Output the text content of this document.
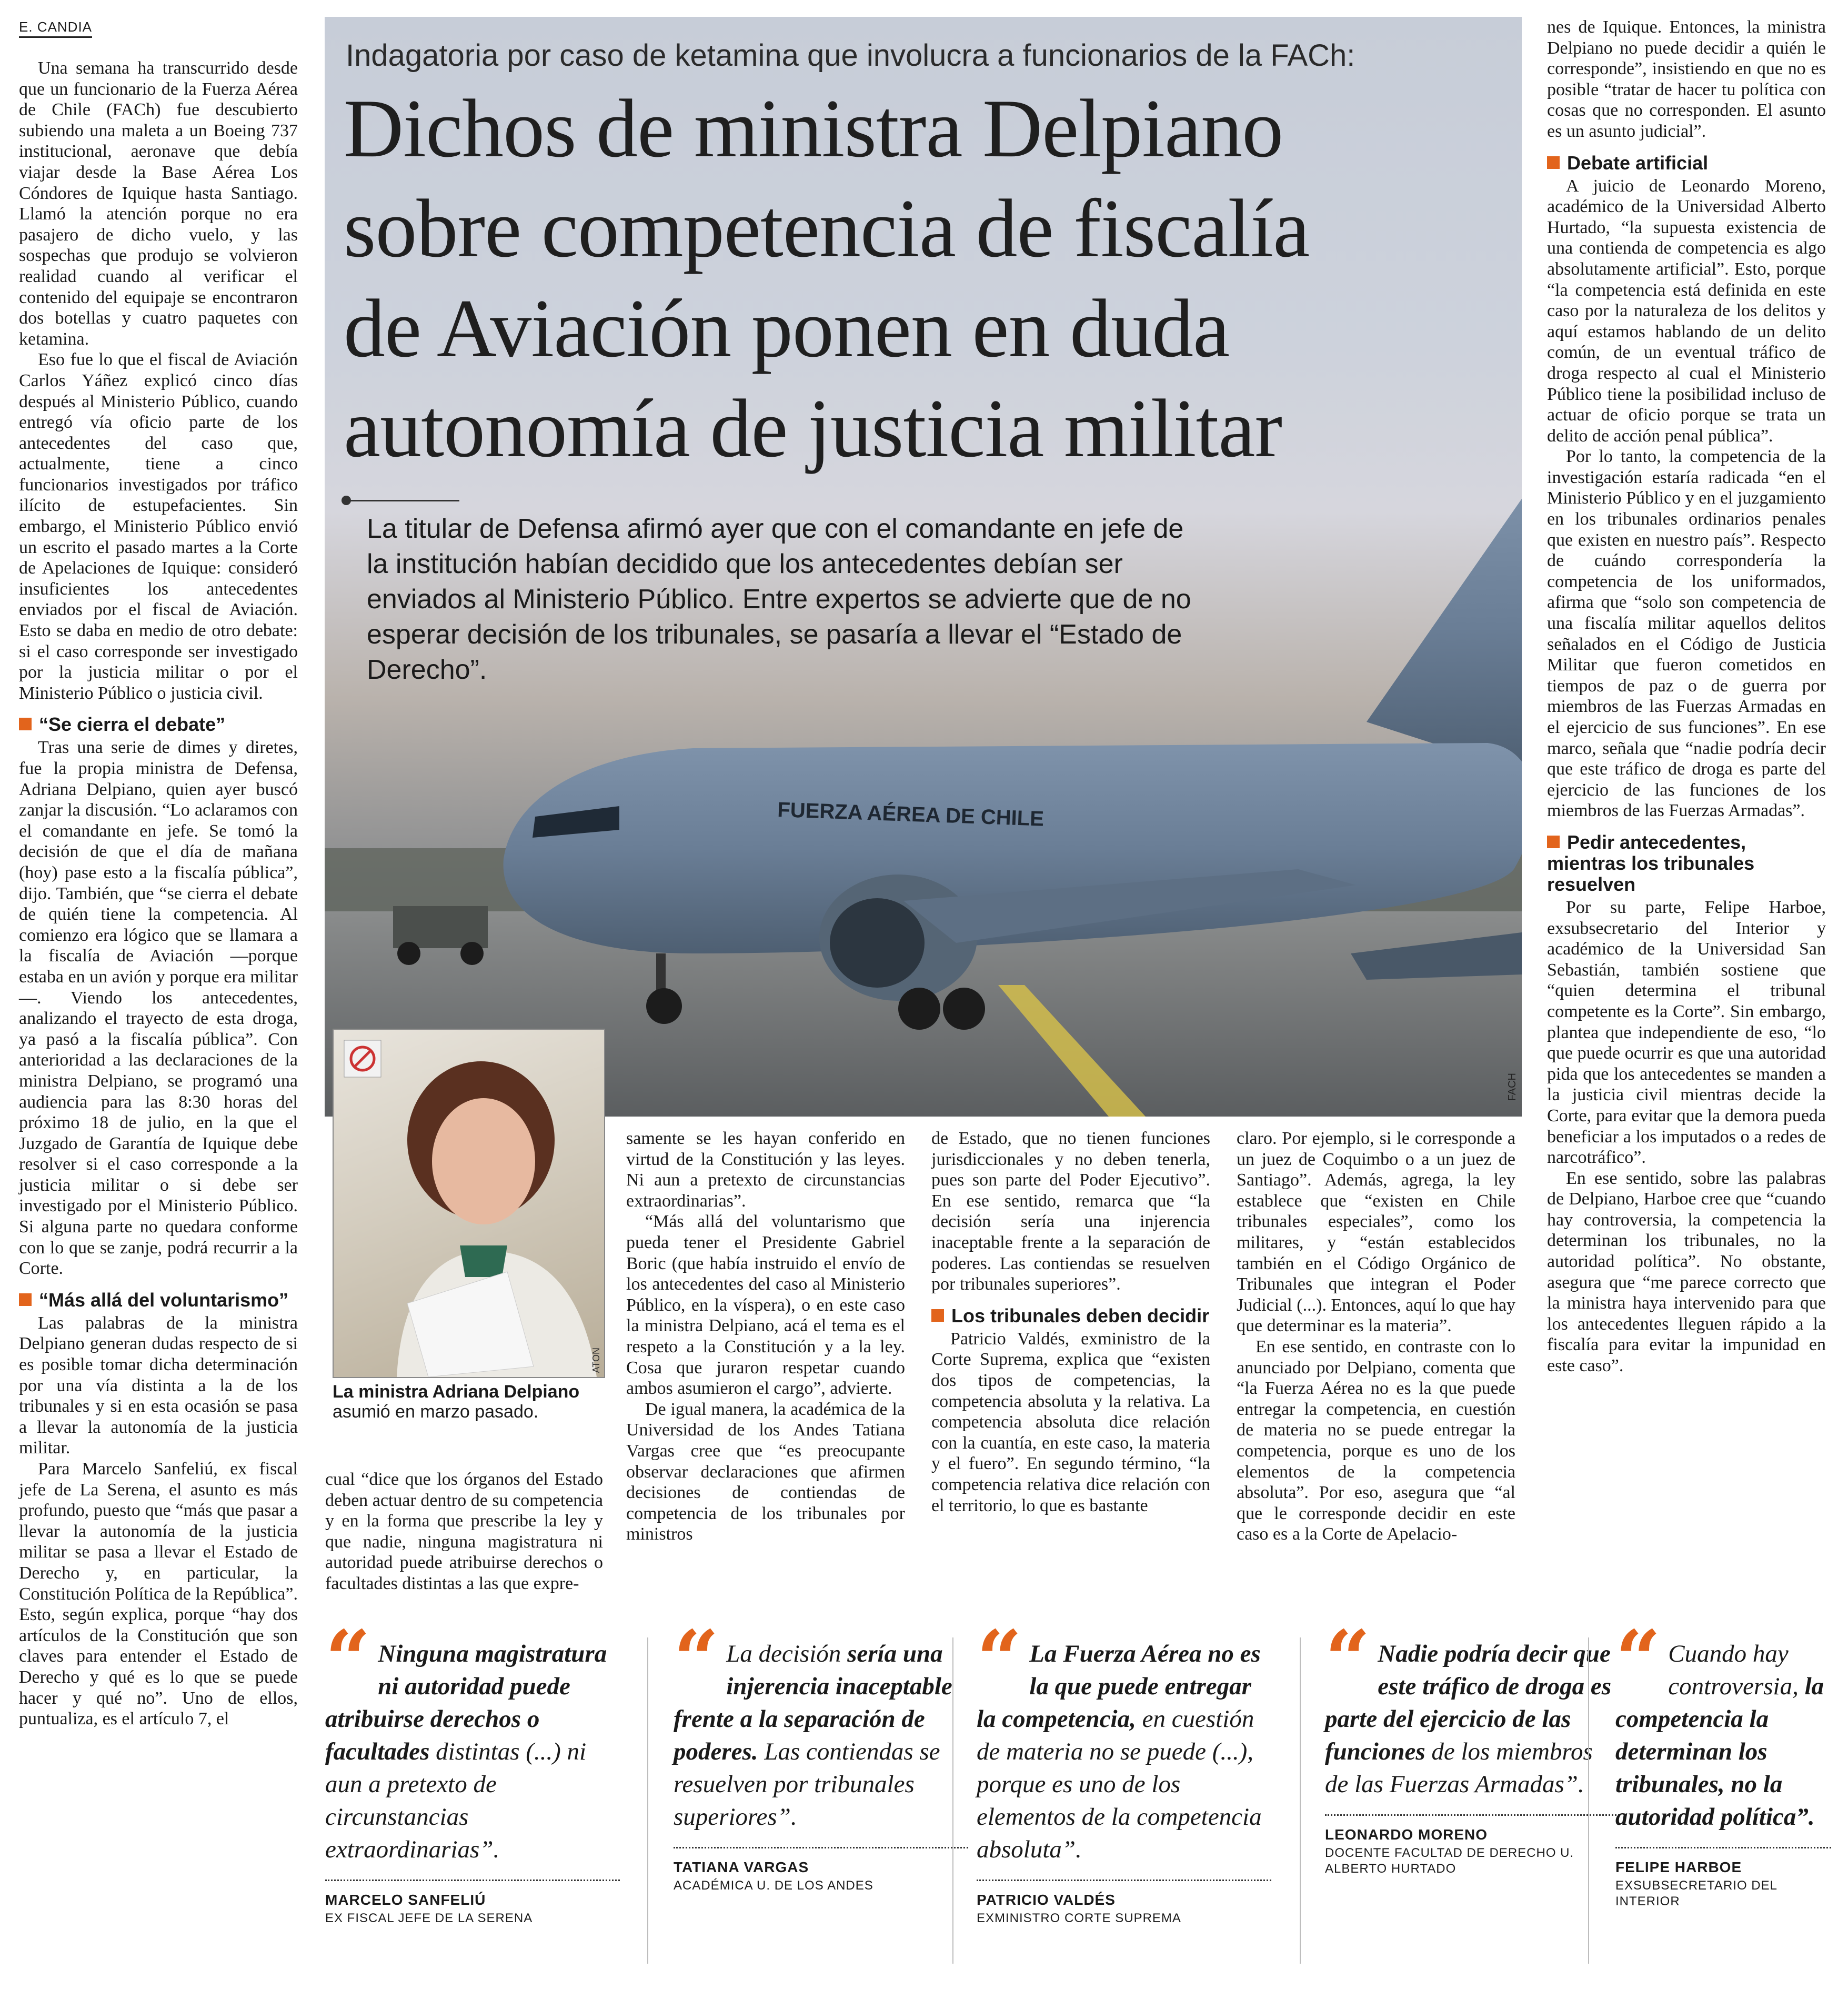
E. CANDIA

Una semana ha transcurrido desde que un funcionario de la Fuerza Aérea de Chile (FACh) fue descubierto subiendo una maleta a un Boeing 737 institucional, aeronave que debía viajar desde la Base Aérea Los Cóndores de Iquique hasta Santiago. Llamó la atención porque no era pasajero de dicho vuelo, y las sospechas que produjo se volvieron realidad cuando al verificar el contenido del equipaje se encontraron dos botellas y cuatro paquetes con ketamina.

Eso fue lo que el fiscal de Aviación Carlos Yáñez explicó cinco días después al Ministerio Público, cuando entregó vía oficio parte de los antecedentes del caso que, actualmente, tiene a cinco funcionarios investigados por tráfico ilícito de estupefacientes. Sin embargo, el Ministerio Público envió un escrito el pasado martes a la Corte de Apelaciones de Iquique: consideró insuficientes los antecedentes enviados por el fiscal de Aviación. Esto se daba en medio de otro debate: si el caso corresponde ser investigado por la justicia militar o por el Ministerio Público o justicia civil.

“Se cierra el debate”

Tras una serie de dimes y diretes, fue la propia ministra de Defensa, Adriana Delpiano, quien ayer buscó zanjar la discusión. “Lo aclaramos con el comandante en jefe. Se tomó la decisión de que el día de mañana (hoy) pase esto a la fiscalía pública”, dijo. También, que “se cierra el debate de quién tiene la competencia. Al comienzo era lógico que se llamara a la fiscalía de Aviación —porque estaba en un avión y porque era militar—. Viendo los antecedentes, analizando el trayecto de esta droga, ya pasó a la fiscalía pública”. Con anterioridad a las declaraciones de la ministra Delpiano, se programó una audiencia para las 8:30 horas del próximo 18 de julio, en la que el Juzgado de Garantía de Iquique debe resolver si el caso corresponde a la justicia militar o si debe ser investigado por el Ministerio Público. Si alguna parte no quedara conforme con lo que se zanje, podrá recurrir a la Corte.

“Más allá del voluntarismo”

Las palabras de la ministra Delpiano generan dudas respecto de si es posible tomar dicha determinación por una vía distinta a la de los tribunales y si en esta ocasión se pasa a llevar la autonomía de la justicia militar.

Para Marcelo Sanfeliú, ex fiscal jefe de La Serena, el asunto es más profundo, puesto que “más que pasar a llevar la autonomía de la justicia militar se pasa a llevar el Estado de Derecho y, en particular, la Constitución Política de la República”. Esto, según explica, porque “hay dos artículos de la Constitución que son claves para entender el Estado de Derecho y qué es lo que se puede hacer y qué no”. Uno de ellos, puntualiza, es el artículo 7, el

FUERZA AÉREA DE CHILE
Indagatoria por caso de ketamina que involucra a funcionarios de la FACh:
Dichos de ministra Delpiano
sobre competencia de fiscalía
de Aviación ponen en duda
autonomía de justicia militar
La titular de Defensa afirmó ayer que con el comandante en jefe de la institución habían decidido que los antecedentes debían ser enviados al Ministerio Público. Entre expertos se advierte que de no esperar decisión de los tribunales, se pasaría a llevar el “Estado de Derecho”.
FACH
ATON
La ministra Adriana Delpiano
asumió en marzo pasado.

cual “dice que los órganos del Estado deben actuar dentro de su competencia y en la forma que prescribe la ley y que nadie, ninguna magistratura ni autoridad puede atribuirse derechos o facultades distintas a las que expre-

samente se les hayan conferido en virtud de la Constitución y las leyes. Ni aun a pretexto de circunstancias extraordinarias”.

“Más allá del voluntarismo que pueda tener el Presidente Gabriel Boric (que había instruido el envío de los antecedentes del caso al Ministerio Público, en la víspera), o en este caso la ministra Delpiano, acá el tema es el respeto a la Constitución y a la ley. Cosa que juraron respetar cuando ambos asumieron el cargo”, advierte.

De igual manera, la académica de la Universidad de los Andes Tatiana Vargas cree que “es preocupante observar declaraciones que afirmen decisiones de contiendas de competencia de los tribunales por ministros

de Estado, que no tienen funciones jurisdiccionales y no deben tenerla, pues son parte del Poder Ejecutivo”. En ese sentido, remarca que “la decisión sería una injerencia inaceptable frente a la separación de poderes. Las contiendas se resuelven por tribunales superiores”.

Los tribunales deben decidir

Patricio Valdés, exministro de la Corte Suprema, explica que “existen dos tipos de competencias, la competencia absoluta y la relativa. La competencia absoluta dice relación con la cuantía, en este caso, la materia y el fuero”. En segundo término, “la competencia relativa dice relación con el territorio, lo que es bastante

claro. Por ejemplo, si le corresponde a un juez de Coquimbo o a un juez de Santiago”. Además, agrega, la ley establece que “existen en Chile tribunales especiales”, como los militares, y “están establecidos también en el Código Orgánico de Tribunales que integran el Poder Judicial (...). Entonces, aquí lo que hay que determinar es la materia”.

En ese sentido, en contraste con lo anunciado por Delpiano, comenta que “la Fuerza Aérea no es la que puede entregar la competencia, en cuestión de materia no se puede entregar la competencia, porque es uno de los elementos de la competencia absoluta”. Por eso, asegura que “al que le corresponde decidir en este caso es a la Corte de Apelacio-

nes de Iquique. Entonces, la ministra Delpiano no puede decidir a quién le corresponde”, insistiendo en que no es posible “tratar de hacer tu política con cosas que no corresponden. El asunto es un asunto judicial”.

Debate artificial

A juicio de Leonardo Moreno, académico de la Universidad Alberto Hurtado, “la supuesta existencia de una contienda de competencia es algo absolutamente artificial”. Esto, porque “la competencia está definida en este caso por la naturaleza de los delitos y aquí estamos hablando de un delito común, de un eventual tráfico de droga respecto al cual el Ministerio Público tiene la posibilidad incluso de actuar de oficio porque se trata un delito de acción penal pública”.

Por lo tanto, la competencia de la investigación estaría radicada “en el Ministerio Público y en el juzgamiento en los tribunales ordinarios penales que existen en nuestro país”. Respecto de cuándo correspondería la competencia de los uniformados, afirma que “solo son competencia de una fiscalía militar aquellos delitos señalados en el Código de Justicia Militar que fueron cometidos en tiempos de paz o de guerra por miembros de las Fuerzas Armadas en el ejercicio de sus funciones”. En ese marco, señala que “nadie podría decir que este tráfico de droga es parte del ejercicio de las funciones de los miembros de las Fuerzas Armadas”.

Pedir antecedentes, mientras los tribunales resuelven

Por su parte, Felipe Harboe, exsubsecretario del Interior y académico de la Universidad San Sebastián, también sostiene que “quien determina el tribunal competente es la Corte”. Sin embargo, plantea que independiente de eso, “lo que puede ocurrir es que una autoridad pida que los antecedentes se manden a la justicia civil mientras decide la Corte, para evitar que la demora pueda beneficiar a los imputados o a redes de narcotráfico”.

En ese sentido, sobre las palabras de Delpiano, Harboe cree que “cuando hay controversia, la competencia la determinan los tribunales, no la autoridad política”. No obstante, asegura que “me parece correcto que la ministra haya intervenido para que los antecedentes lleguen rápido a la fiscalía para evitar la impunidad en este caso”.

“ Ninguna magistratura ni autoridad puede atribuirse derechos o facultades distintas (...) ni aun a pretexto de circunstancias extraordinarias”.
MARCELO SANFELIÚ
EX FISCAL JEFE DE LA SERENA
“ La decisión sería una injerencia inaceptable frente a la separación de poderes. Las contiendas se resuelven por tribunales superiores”.
TATIANA VARGAS
ACADÉMICA U. DE LOS ANDES
“ La Fuerza Aérea no es la que puede entregar la competencia, en cuestión de materia no se puede (...), porque es uno de los elementos de la competencia absoluta”.
PATRICIO VALDÉS
EXMINISTRO CORTE SUPREMA
“ Nadie podría decir que este tráfico de droga es parte del ejercicio de las funciones de los miembros de las Fuerzas Armadas”.
LEONARDO MORENO
DOCENTE FACULTAD DE DERECHO U. ALBERTO HURTADO
“ Cuando hay controversia, la competencia la determinan los tribunales, no la autoridad política”.
FELIPE HARBOE
EXSUBSECRETARIO DEL INTERIOR
